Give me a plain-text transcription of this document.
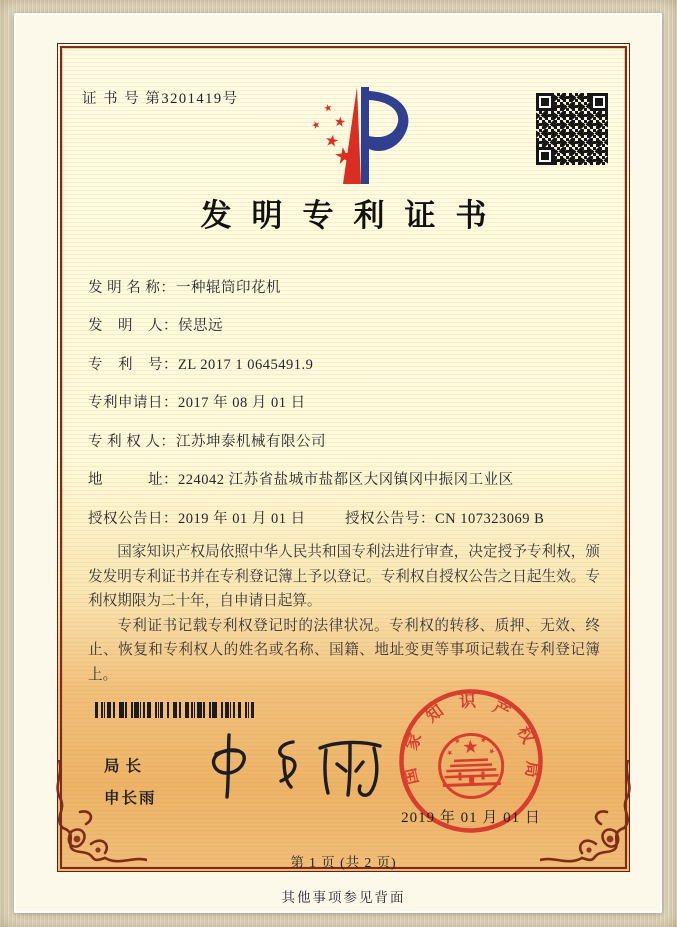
证 书 号 第3201419号
发明专利证书
发 明 名 称：一种辊筒印花机
发　明　人：侯思远
专　利　号：ZL 2017 1 0645491.9
专利申请日：2017 年 08 月 01 日
专 利 权 人：江苏坤泰机械有限公司
地　　　址：224042 江苏省盐城市盐都区大冈镇冈中振冈工业区
授权公告日：2019 年 01 月 01 日	授权公告号：CN 107323069 B

国家知识产权局依照中华人民共和国专利法进行审查，决定授予专利权，颁发发明专利证书并在专利登记簿上予以登记。专利权自授权公告之日起生效。专利权期限为二十年，自申请日起算。

专利证书记载专利权登记时的法律状况。专利权的转移、质押、无效、终止、恢复和专利权人的姓名或名称、国籍、地址变更等事项记载在专利登记簿上。

国家知识产权局
2019 年 01 月 01 日
局长
申长雨
第 1 页 (共 2 页)
其他事项参见背面
